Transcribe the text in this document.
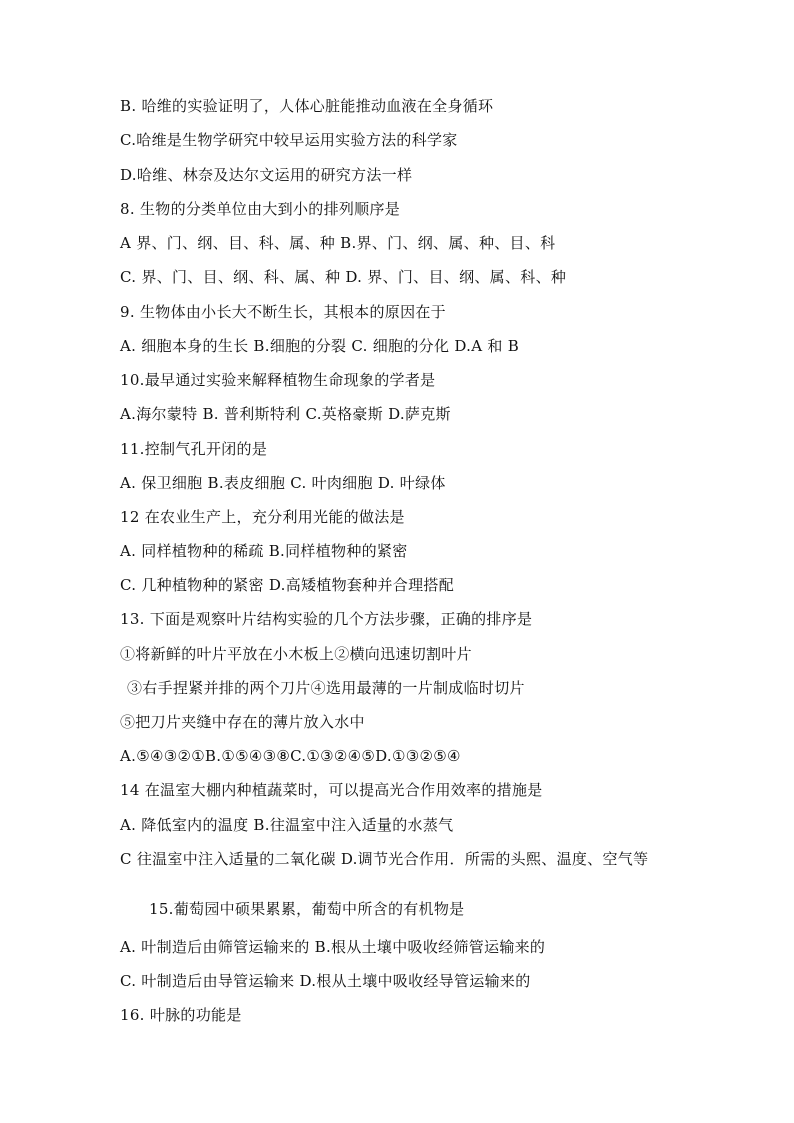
B. 哈维的实验证明了，人体心脏能推动血液在全身循环
C.哈维是生物学研究中较早运用实验方法的科学家
D.哈维、林奈及达尔文运用的研究方法一样
8. 生物的分类单位由大到小的排列顺序是
A 界、门、纲、目、科、属、种 B.界、门、纲、属、种、目、科
C. 界、门、目、纲、科、属、种 D. 界、门、目、纲、属、科、种
9. 生物体由小长大不断生长，其根本的原因在于
A. 细胞本身的生长 B.细胞的分裂 C. 细胞的分化 D.A 和 B
10.最早通过实验来解释植物生命现象的学者是
A.海尔蒙特 B. 普利斯特利 C.英格豪斯 D.萨克斯
11.控制气孔开闭的是
A. 保卫细胞 B.表皮细胞 C. 叶肉细胞 D. 叶绿体
12 在农业生产上，充分利用光能的做法是
A. 同样植物种的稀疏 B.同样植物种的紧密
C. 几种植物种的紧密 D.高矮植物套种并合理搭配
13. 下面是观察叶片结构实验的几个方法步骤，正确的排序是
①将新鲜的叶片平放在小木板上②横向迅速切割叶片
③右手捏紧并排的两个刀片④选用最薄的一片制成临时切片
⑤把刀片夹缝中存在的薄片放入水中
A.⑤④③②①B.①⑤④③⑧C.①③②④⑤D.①③②⑤④
14 在温室大棚内种植蔬菜时，可以提高光合作用效率的措施是
A. 降低室内的温度 B.往温室中注入适量的水蒸气
C 往温室中注入适量的二氧化碳 D.调节光合作用．所需的头熙、温度、空气等
15.葡萄园中硕果累累，葡萄中所含的有机物是
A. 叶制造后由筛管运输来的 B.根从土壤中吸收经筛管运输来的
C. 叶制造后由导管运输来 D.根从土壤中吸收经导管运输来的
16. 叶脉的功能是
